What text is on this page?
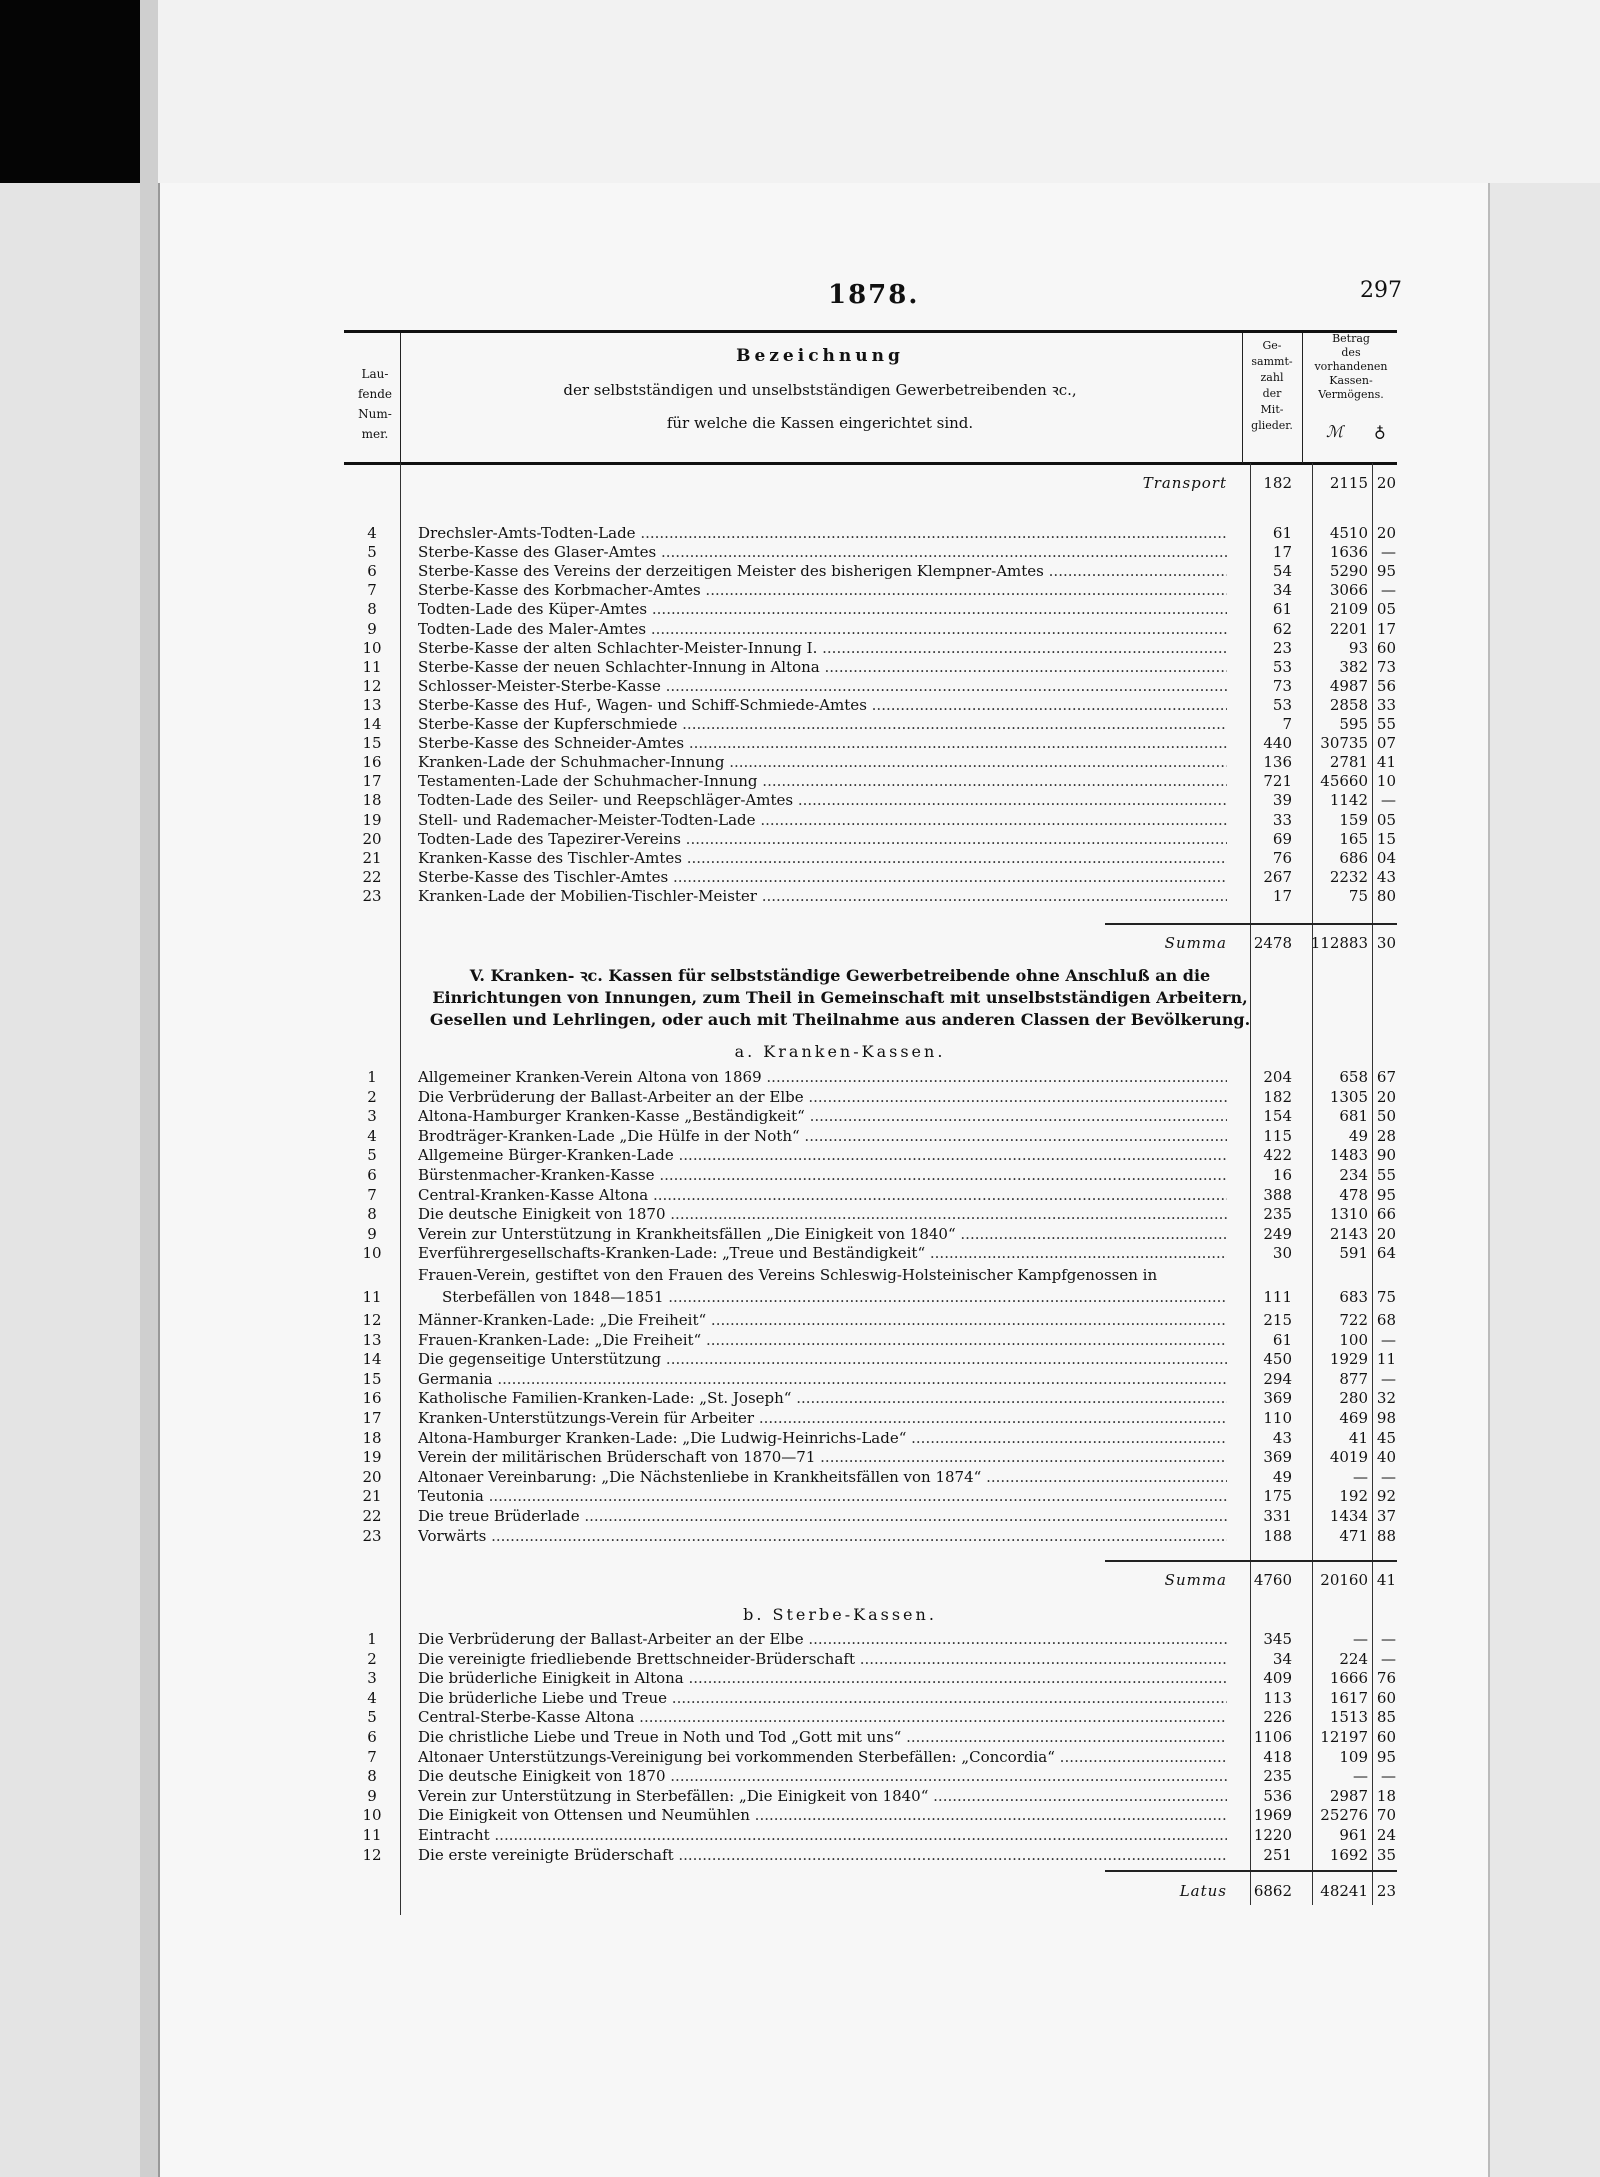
1878.	297
Lau-
fende
Num-
mer.
Bezeichnung
der selbstständigen und unselbstständigen Gewerbetreibenden ꝛc.,
für welche die Kassen eingerichtet sind.
Ge-
sammt-
zahl
der
Mit-
glieder.
Betrag
des
vorhandenen
Kassen-
Vermögens.
ℳ ♁
Transport	182	2115 20
4	Drechsler-Amts-Todten-Lade .....	61	4510 20
5	Sterbe-Kasse des Glaser-Amtes .....	17	1636 —
6	Sterbe-Kasse des Vereins der derzeitigen Meister des bisherigen Klempner-Amtes .....	54	5290 95
7	Sterbe-Kasse des Korbmacher-Amtes .....	34	3066 —
8	Todten-Lade des Küper-Amtes .....	61	2109 05
9	Todten-Lade des Maler-Amtes .....	62	2201 17
10	Sterbe-Kasse der alten Schlachter-Meister-Innung I. .....	23	93 60
11	Sterbe-Kasse der neuen Schlachter-Innung in Altona .....	53	382 73
12	Schlosser-Meister-Sterbe-Kasse .....	73	4987 56
13	Sterbe-Kasse des Huf-, Wagen- und Schiff-Schmiede-Amtes .....	53	2858 33
14	Sterbe-Kasse der Kupferschmiede .....	7	595 55
15	Sterbe-Kasse des Schneider-Amtes .....	440	30735 07
16	Kranken-Lade der Schuhmacher-Innung .....	136	2781 41
17	Testamenten-Lade der Schuhmacher-Innung .....	721	45660 10
18	Todten-Lade des Seiler- und Reepschläger-Amtes .....	39	1142 —
19	Stell- und Rademacher-Meister-Todten-Lade .....	33	159 05
20	Todten-Lade des Tapezirer-Vereins .....	69	165 15
21	Kranken-Kasse des Tischler-Amtes .....	76	686 04
22	Sterbe-Kasse des Tischler-Amtes .....	267	2232 43
23	Kranken-Lade der Mobilien-Tischler-Meister .....	17	75 80
Summa	2478	112883 30
V. Kranken- ꝛc. Kassen für selbstständige Gewerbetreibende ohne Anschluß an die
Einrichtungen von Innungen, zum Theil in Gemeinschaft mit unselbstständigen Arbeitern,
Gesellen und Lehrlingen, oder auch mit Theilnahme aus anderen Classen der Bevölkerung.
a. Kranken-Kassen.
1	Allgemeiner Kranken-Verein Altona von 1869 .....	204	658 67
2	Die Verbrüderung der Ballast-Arbeiter an der Elbe .....	182	1305 20
3	Altona-Hamburger Kranken-Kasse „Beständigkeit“ .....	154	681 50
4	Brodträger-Kranken-Lade „Die Hülfe in der Noth“ .....	115	49 28
5	Allgemeine Bürger-Kranken-Lade .....	422	1483 90
6	Bürstenmacher-Kranken-Kasse .....	16	234 55
7	Central-Kranken-Kasse Altona .....	388	478 95
8	Die deutsche Einigkeit von 1870 .....	235	1310 66
9	Verein zur Unterstützung in Krankheitsfällen „Die Einigkeit von 1840“ .....	249	2143 20
10	Everführergesellschafts-Kranken-Lade: „Treue und Beständigkeit“ .....	30	591 64
Frauen-Verein, gestiftet von den Frauen des Vereins Schleswig-Holsteinischer Kampfgenossen in
11	Sterbefällen von 1848—1851 .....	111	683 75
12	Männer-Kranken-Lade: „Die Freiheit“ .....	215	722 68
13	Frauen-Kranken-Lade: „Die Freiheit“ .....	61	100 —
14	Die gegenseitige Unterstützung .....	450	1929 11
15	Germania .....	294	877 —
16	Katholische Familien-Kranken-Lade: „St. Joseph“ .....	369	280 32
17	Kranken-Unterstützungs-Verein für Arbeiter .....	110	469 98
18	Altona-Hamburger Kranken-Lade: „Die Ludwig-Heinrichs-Lade“ .....	43	41 45
19	Verein der militärischen Brüderschaft von 1870—71 .....	369	4019 40
20	Altonaer Vereinbarung: „Die Nächstenliebe in Krankheitsfällen von 1874“ .....	49	— —
21	Teutonia .....	175	192 92
22	Die treue Brüderlade .....	331	1434 37
23	Vorwärts .....	188	471 88
Summa	4760	20160 41
b. Sterbe-Kassen.
1	Die Verbrüderung der Ballast-Arbeiter an der Elbe .....	345	— —
2	Die vereinigte friedliebende Brettschneider-Brüderschaft .....	34	224 —
3	Die brüderliche Einigkeit in Altona .....	409	1666 76
4	Die brüderliche Liebe und Treue .....	113	1617 60
5	Central-Sterbe-Kasse Altona .....	226	1513 85
6	Die christliche Liebe und Treue in Noth und Tod „Gott mit uns“ .....	1106	12197 60
7	Altonaer Unterstützungs-Vereinigung bei vorkommenden Sterbefällen: „Concordia“ .....	418	109 95
8	Die deutsche Einigkeit von 1870 .....	235	— —
9	Verein zur Unterstützung in Sterbefällen: „Die Einigkeit von 1840“ .....	536	2987 18
10	Die Einigkeit von Ottensen und Neumühlen .....	1969	25276 70
11	Eintracht .....	1220	961 24
12	Die erste vereinigte Brüderschaft .....	251	1692 35
Latus	6862	48241 23
